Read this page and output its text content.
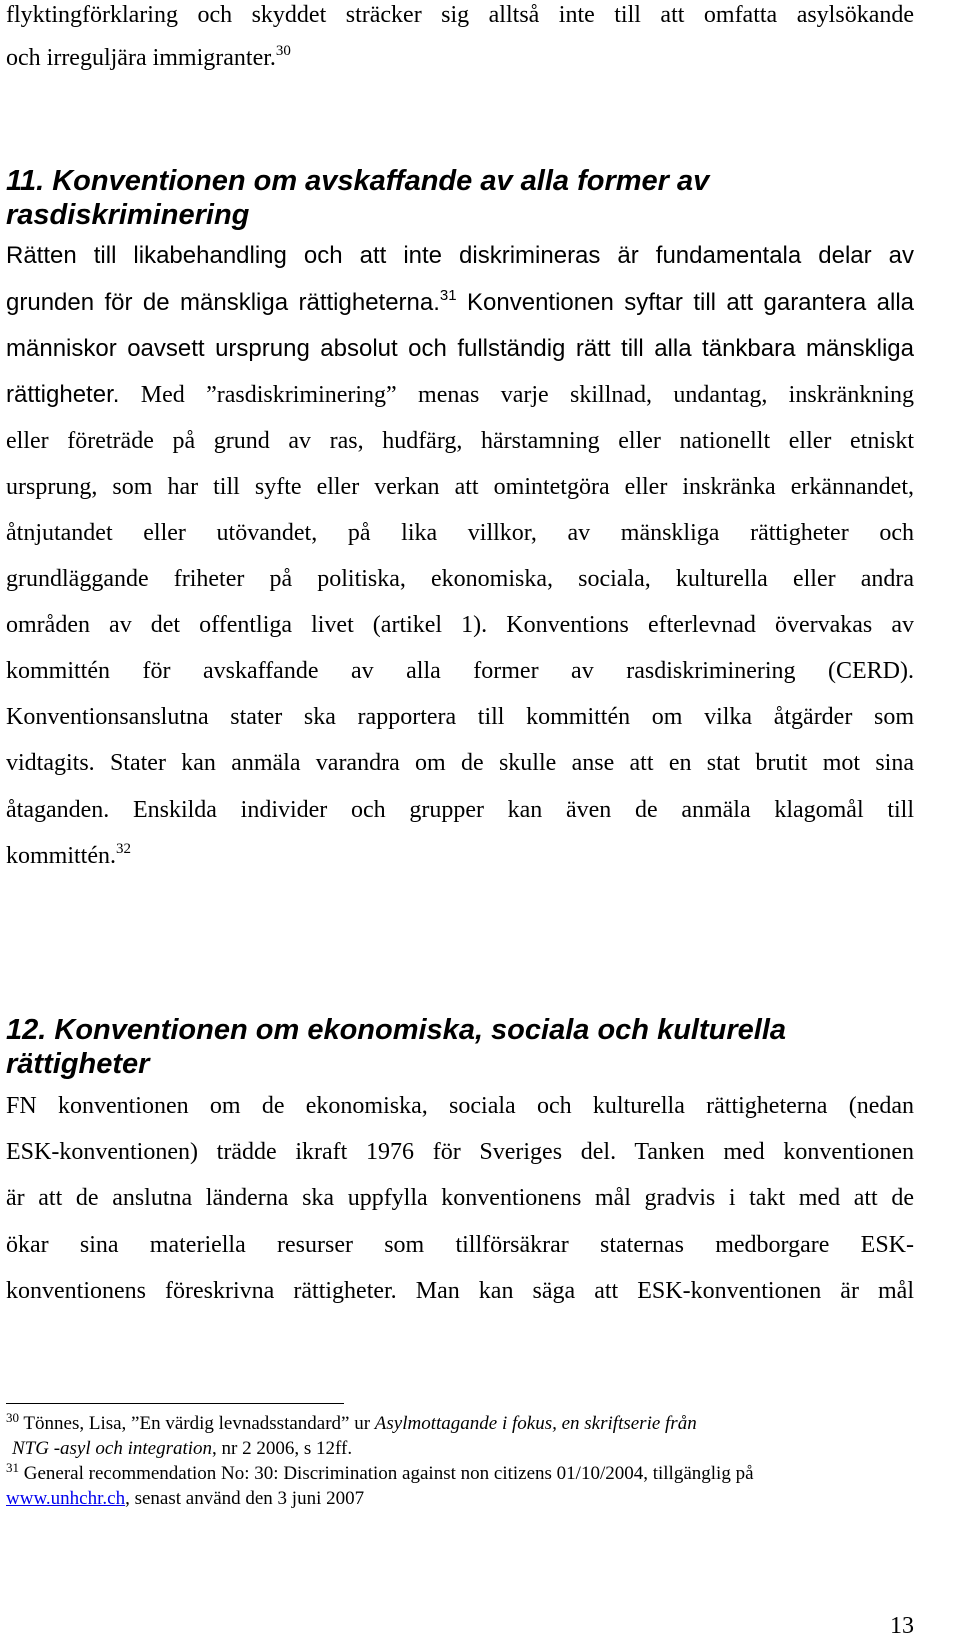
flyktingförklaring och skyddet sträcker sig alltså inte till att omfatta asylsökande

och irreguljära immigranter.$^{30}$

11. Konventionen om avskaffande av alla former av
rasdiskriminering

Rätten till likabehandling och att inte diskrimineras är fundamentala delar av

grunden för de mänskliga rättigheterna.$^{31}$ Konventionen syftar till att garantera alla

människor oavsett ursprung absolut och fullständig rätt till alla tänkbara mänskliga

rättigheter. Med ”rasdiskriminering” menas varje skillnad, undantag, inskränkning

eller företräde på grund av ras, hudfärg, härstamning eller nationellt eller etniskt

ursprung, som har till syfte eller verkan att omintetgöra eller inskränka erkännandet,

åtnjutandet eller utövandet, på lika villkor, av mänskliga rättigheter och

grundläggande friheter på politiska, ekonomiska, sociala, kulturella eller andra

områden av det offentliga livet (artikel 1). Konventions efterlevnad övervakas av

kommittén för avskaffande av alla former av rasdiskriminering (CERD).

Konventionsanslutna stater ska rapportera till kommittén om vilka åtgärder som

vidtagits. Stater kan anmäla varandra om de skulle anse att en stat brutit mot sina

åtaganden. Enskilda individer och grupper kan även de anmäla klagomål till

kommittén.$^{32}$

12. Konventionen om ekonomiska, sociala och kulturella
rättigheter

FN konventionen om de ekonomiska, sociala och kulturella rättigheterna (nedan

ESK-konventionen) trädde ikraft 1976 för Sveriges del. Tanken med konventionen

är att de anslutna länderna ska uppfylla konventionens mål gradvis i takt med att de

ökar sina materiella resurser som tillförsäkrar staternas medborgare ESK-

konventionens föreskrivna rättigheter. Man kan säga att ESK-konventionen är mål

$^{30}$ Tönnes, Lisa, ”En värdig levnadsstandard” ur Asylmottagande i fokus, en skriftserie från

NTG -asyl och integration, nr 2 2006, s 12ff.

$^{31}$ General recommendation No: 30: Discrimination against non citizens 01/10/2004, tillgänglig på

www.unhchr.ch, senast använd den 3 juni 2007

13
